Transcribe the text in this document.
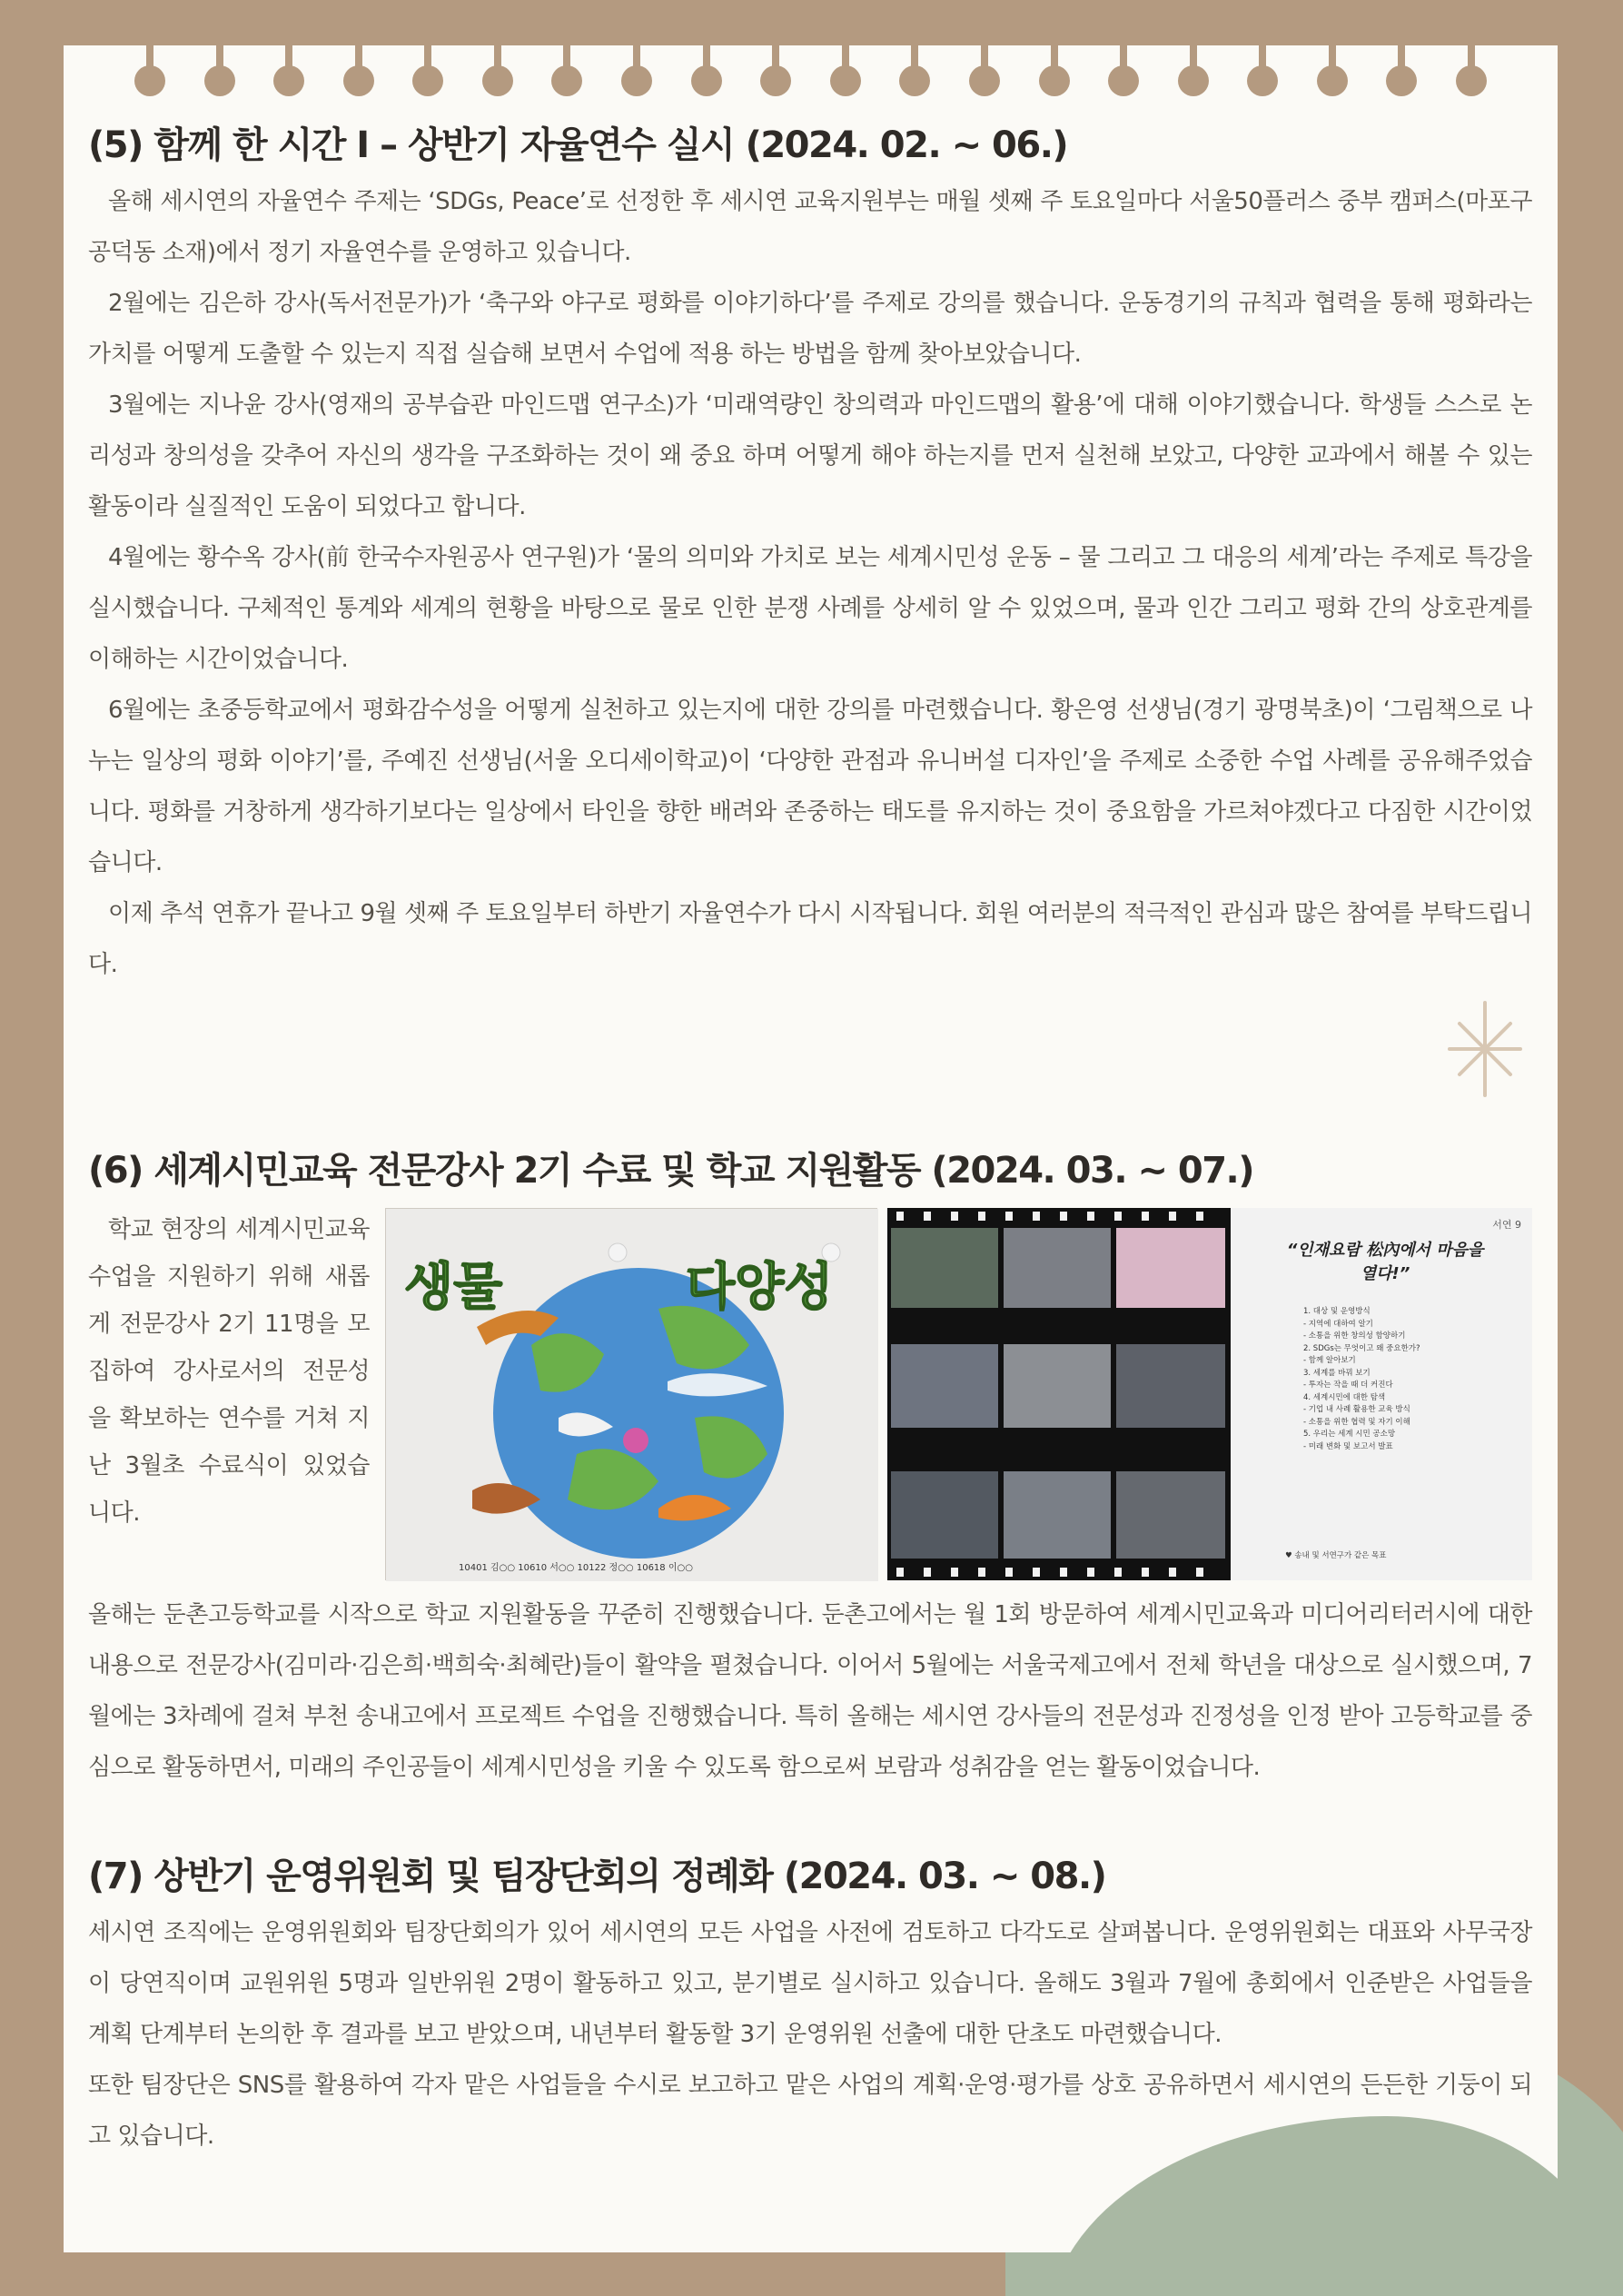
(5) 함께 한 시간 Ⅰ – 상반기 자율연수 실시 (2024. 02. ~ 06.)

올해 세시연의 자율연수 주제는 ‘SDGs, Peace’로 선정한 후 세시연 교육지원부는 매월 셋째 주 토요일마다 서울50플러스 중부 캠퍼스(마포구 공덕동 소재)에서 정기 자율연수를 운영하고 있습니다.

2월에는 김은하 강사(독서전문가)가 ‘축구와 야구로 평화를 이야기하다’를 주제로 강의를 했습니다. 운동경기의 규칙과 협력을 통해 평화라는 가치를 어떻게 도출할 수 있는지 직접 실습해 보면서 수업에 적용 하는 방법을 함께 찾아보았습니다.

3월에는 지나윤 강사(영재의 공부습관 마인드맵 연구소)가 ‘미래역량인 창의력과 마인드맵의 활용’에 대해 이야기했습니다. 학생들 스스로 논리성과 창의성을 갖추어 자신의 생각을 구조화하는 것이 왜 중요 하며 어떻게 해야 하는지를 먼저 실천해 보았고, 다양한 교과에서 해볼 수 있는 활동이라 실질적인 도움이 되었다고 합니다.

4월에는 황수옥 강사(前 한국수자원공사 연구원)가 ‘물의 의미와 가치로 보는 세계시민성 운동 – 물 그리고 그 대응의 세계’라는 주제로 특강을 실시했습니다. 구체적인 통계와 세계의 현황을 바탕으로 물로 인한 분쟁 사례를 상세히 알 수 있었으며, 물과 인간 그리고 평화 간의 상호관계를 이해하는 시간이었습니다.

6월에는 초중등학교에서 평화감수성을 어떻게 실천하고 있는지에 대한 강의를 마련했습니다. 황은영 선생님(경기 광명북초)이 ‘그림책으로 나누는 일상의 평화 이야기’를, 주예진 선생님(서울 오디세이학교)이 ‘다양한 관점과 유니버설 디자인’을 주제로 소중한 수업 사례를 공유해주었습니다. 평화를 거창하게 생각하기보다는 일상에서 타인을 향한 배려와 존중하는 태도를 유지하는 것이 중요함을 가르쳐야겠다고 다짐한 시간이었습니다.

이제 추석 연휴가 끝나고 9월 셋째 주 토요일부터 하반기 자율연수가 다시 시작됩니다. 회원 여러분의 적극적인 관심과 많은 참여를 부탁드립니다.

(6) 세계시민교육 전문강사 2기 수료 및 학교 지원활동 (2024. 03. ~ 07.)

학교 현장의 세계시민교육 수업을 지원하기 위해 새롭게 전문강사 2기 11명을 모집하여 강사로서의 전문성을 확보하는 연수를 거쳐 지난 3월초 수료식이 있었습니다.

생물	다양성
10401 김○○ 10610 서○○ 10122 정○○ 10618 이○○
서연 9
“인재요람 松內에서 마음을 열다!”
1. 대상 및 운영방식
- 지역에 대하여 알기
- 소통을 위한 창의성 함양하기
2. SDGs는 무엇이고 왜 중요한가?
- 함께 알아보기
3. 세계를 바꿔 보기
- 투자는 작을 때 더 커진다
4. 세계시민에 대한 탐색
- 기업 내 사례 활용한 교육 방식
- 소통을 위한 협력 및 자기 이해
5. 우리는 세계 시민 공소망
- 미래 변화 및 보고서 발표
♥ 송내 및 서연구가 같은 목표

올해는 둔촌고등학교를 시작으로 학교 지원활동을 꾸준히 진행했습니다. 둔촌고에서는 월 1회 방문하여 세계시민교육과 미디어리터러시에 대한 내용으로 전문강사(김미라·김은희·백희숙·최혜란)들이 활약을 펼쳤습니다. 이어서 5월에는 서울국제고에서 전체 학년을 대상으로 실시했으며, 7월에는 3차례에 걸쳐 부천 송내고에서 프로젝트 수업을 진행했습니다. 특히 올해는 세시연 강사들의 전문성과 진정성을 인정 받아 고등학교를 중심으로 활동하면서, 미래의 주인공들이 세계시민성을 키울 수 있도록 함으로써 보람과 성취감을 얻는 활동이었습니다.

(7) 상반기 운영위원회 및 팀장단회의 정례화 (2024. 03. ~ 08.)

세시연 조직에는 운영위원회와 팀장단회의가 있어 세시연의 모든 사업을 사전에 검토하고 다각도로 살펴봅니다. 운영위원회는 대표와 사무국장이 당연직이며 교원위원 5명과 일반위원 2명이 활동하고 있고, 분기별로 실시하고 있습니다. 올해도 3월과 7월에 총회에서 인준받은 사업들을 계획 단계부터 논의한 후 결과를 보고 받았으며, 내년부터 활동할 3기 운영위원 선출에 대한 단초도 마련했습니다.

또한 팀장단은 SNS를 활용하여 각자 맡은 사업들을 수시로 보고하고 맡은 사업의 계획·운영·평가를 상호 공유하면서 세시연의 든든한 기둥이 되고 있습니다.
